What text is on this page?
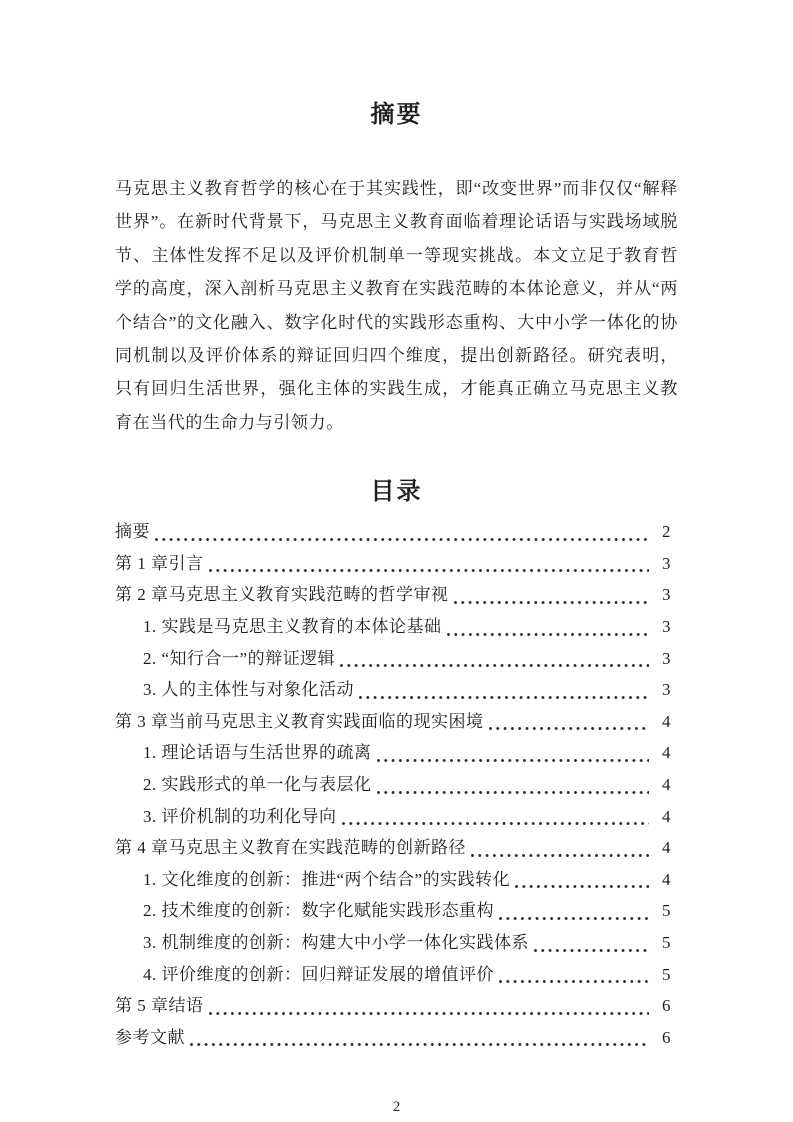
摘要

马克思主义教育哲学的核心在于其实践性，即“改变世界”而非仅仅“解释世界”。在新时代背景下，马克思主义教育面临着理论话语与实践场域脱节、主体性发挥不足以及评价机制单一等现实挑战。本文立足于教育哲学的高度，深入剖析马克思主义教育在实践范畴的本体论意义，并从“两个结合”的文化融入、数字化时代的实践形态重构、大中小学一体化的协同机制以及评价体系的辩证回归四个维度，提出创新路径。研究表明，只有回归生活世界，强化主体的实践生成，才能真正确立马克思主义教育在当代的生命力与引领力。

目录
摘要	2
第 1 章引言	3
第 2 章马克思主义教育实践范畴的哲学审视	3
1. 实践是马克思主义教育的本体论基础	3
2. “知行合一”的辩证逻辑	3
3. 人的主体性与对象化活动	3
第 3 章当前马克思主义教育实践面临的现实困境	4
1. 理论话语与生活世界的疏离	4
2. 实践形式的单一化与表层化	4
3. 评价机制的功利化导向	4
第 4 章马克思主义教育在实践范畴的创新路径	4
1. 文化维度的创新：推进“两个结合”的实践转化	4
2. 技术维度的创新：数字化赋能实践形态重构	5
3. 机制维度的创新：构建大中小学一体化实践体系	5
4. 评价维度的创新：回归辩证发展的增值评价	5
第 5 章结语	6
参考文献	6
2
